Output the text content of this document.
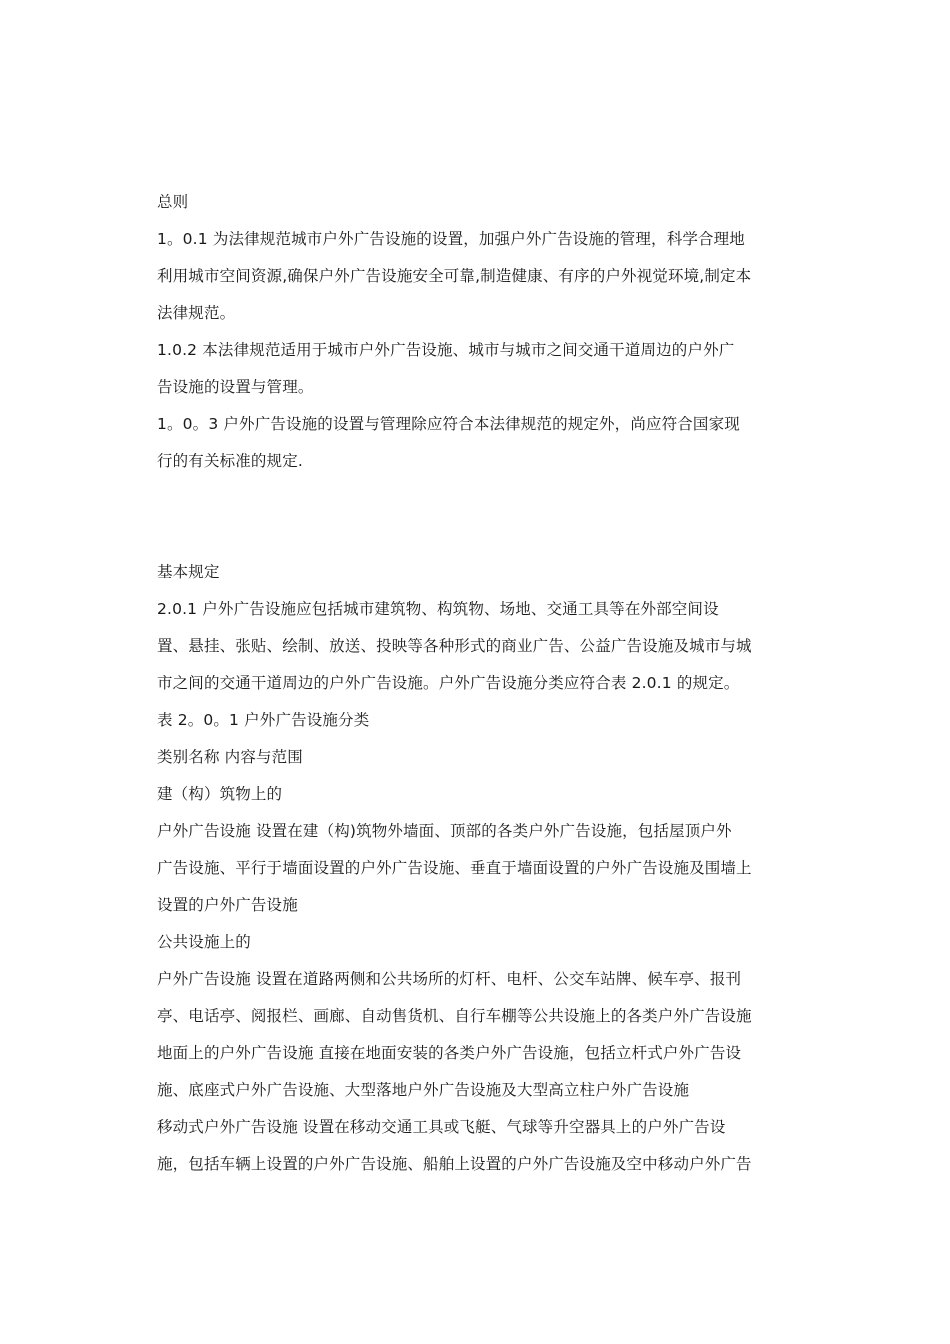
总则
1。0.1 为法律规范城市户外广告设施的设置，加强户外广告设施的管理，科学合理地
利用城市空间资源,确保户外广告设施安全可靠,制造健康、有序的户外视觉环境,制定本
法律规范。
1.0.2 本法律规范适用于城市户外广告设施、城市与城市之间交通干道周边的户外广
告设施的设置与管理。
1。0。3 户外广告设施的设置与管理除应符合本法律规范的规定外，尚应符合国家现
行的有关标准的规定.
基本规定
2.0.1 户外广告设施应包括城市建筑物、构筑物、场地、交通工具等在外部空间设
置、悬挂、张贴、绘制、放送、投映等各种形式的商业广告、公益广告设施及城市与城
市之间的交通干道周边的户外广告设施。户外广告设施分类应符合表 2.0.1 的规定。
表 2。0。1 户外广告设施分类
类别名称 内容与范围
建（构）筑物上的
户外广告设施 设置在建（构)筑物外墙面、顶部的各类户外广告设施，包括屋顶户外
广告设施、平行于墙面设置的户外广告设施、垂直于墙面设置的户外广告设施及围墙上
设置的户外广告设施
公共设施上的
户外广告设施 设置在道路两侧和公共场所的灯杆、电杆、公交车站牌、候车亭、报刊
亭、电话亭、阅报栏、画廊、自动售货机、自行车棚等公共设施上的各类户外广告设施
地面上的户外广告设施 直接在地面安装的各类户外广告设施，包括立杆式户外广告设
施、底座式户外广告设施、大型落地户外广告设施及大型高立柱户外广告设施
移动式户外广告设施 设置在移动交通工具或飞艇、气球等升空器具上的户外广告设
施，包括车辆上设置的户外广告设施、船舶上设置的户外广告设施及空中移动户外广告
